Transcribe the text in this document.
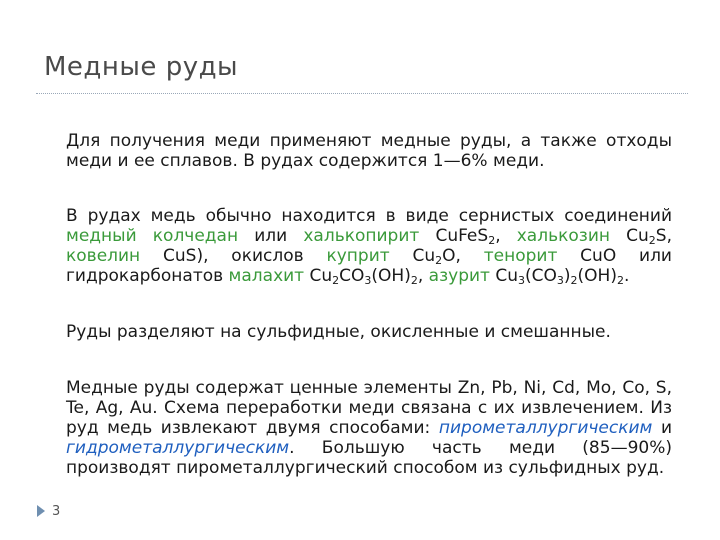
Медные руды
Для получения меди применяют медные руды, а также отходы меди и ее сплавов. В рудах содержится 1—6% меди.
В рудах медь обычно находится в виде сернистых соединений медный колчедан или халькопирит CuFeS$_2$, халькозин $Cu_2S$, ковелин CuS), окислов куприт $Cu_2O$, тенорит CuO или гидрокарбонатов малахит $Cu_2CO_3(OH)_2$, азурит $Cu_3(CO_3)_2(OH)_2$.
Руды разделяют на сульфидные, окисленные и смешанные.
Медные руды содержат ценные элементы Zn, Pb, Ni, Cd, Mo, Co, S, Te, Ag, Au. Схема переработки меди связана с их извлечением. Из руд медь извлекают двумя способами: пирометаллургическим и гидрометаллургическим. Большую часть меди (85—90%) производят пирометаллургический способом из сульфидных руд.
3
